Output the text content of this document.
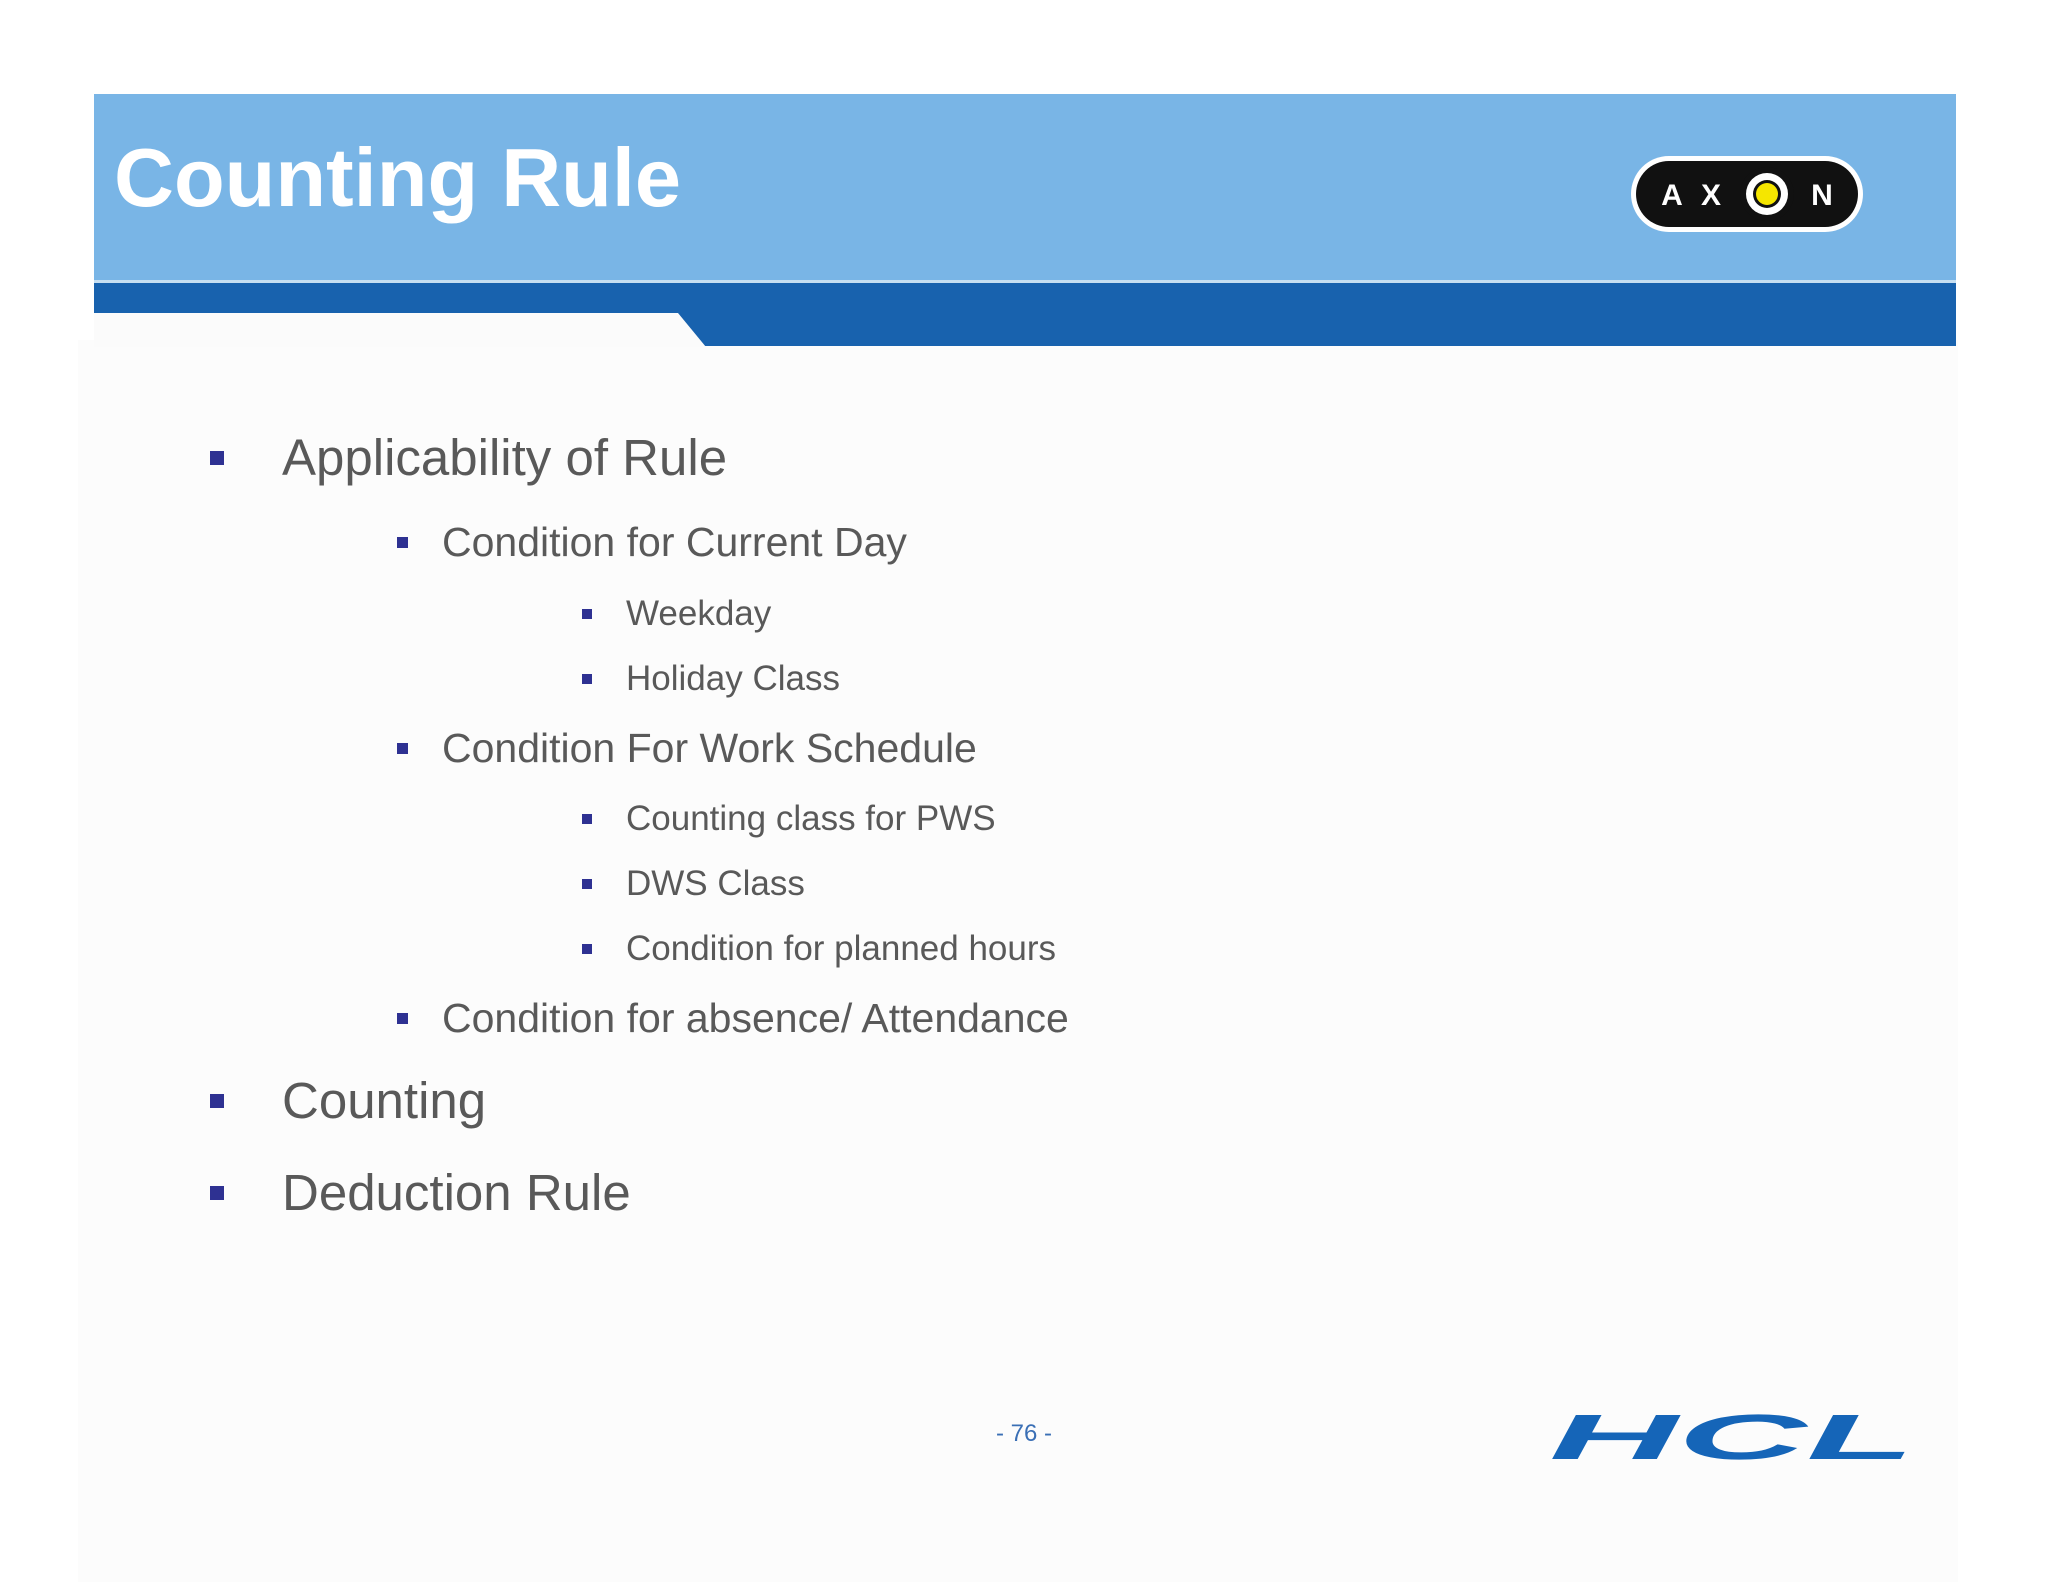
Counting Rule	A X	N
Applicability of Rule
Condition for Current Day
Weekday
Holiday Class
Condition For Work Schedule
Counting class for PWS
DWS Class
Condition for planned hours
Condition for absence/ Attendance
Counting
Deduction Rule
- 76 -	HCL
